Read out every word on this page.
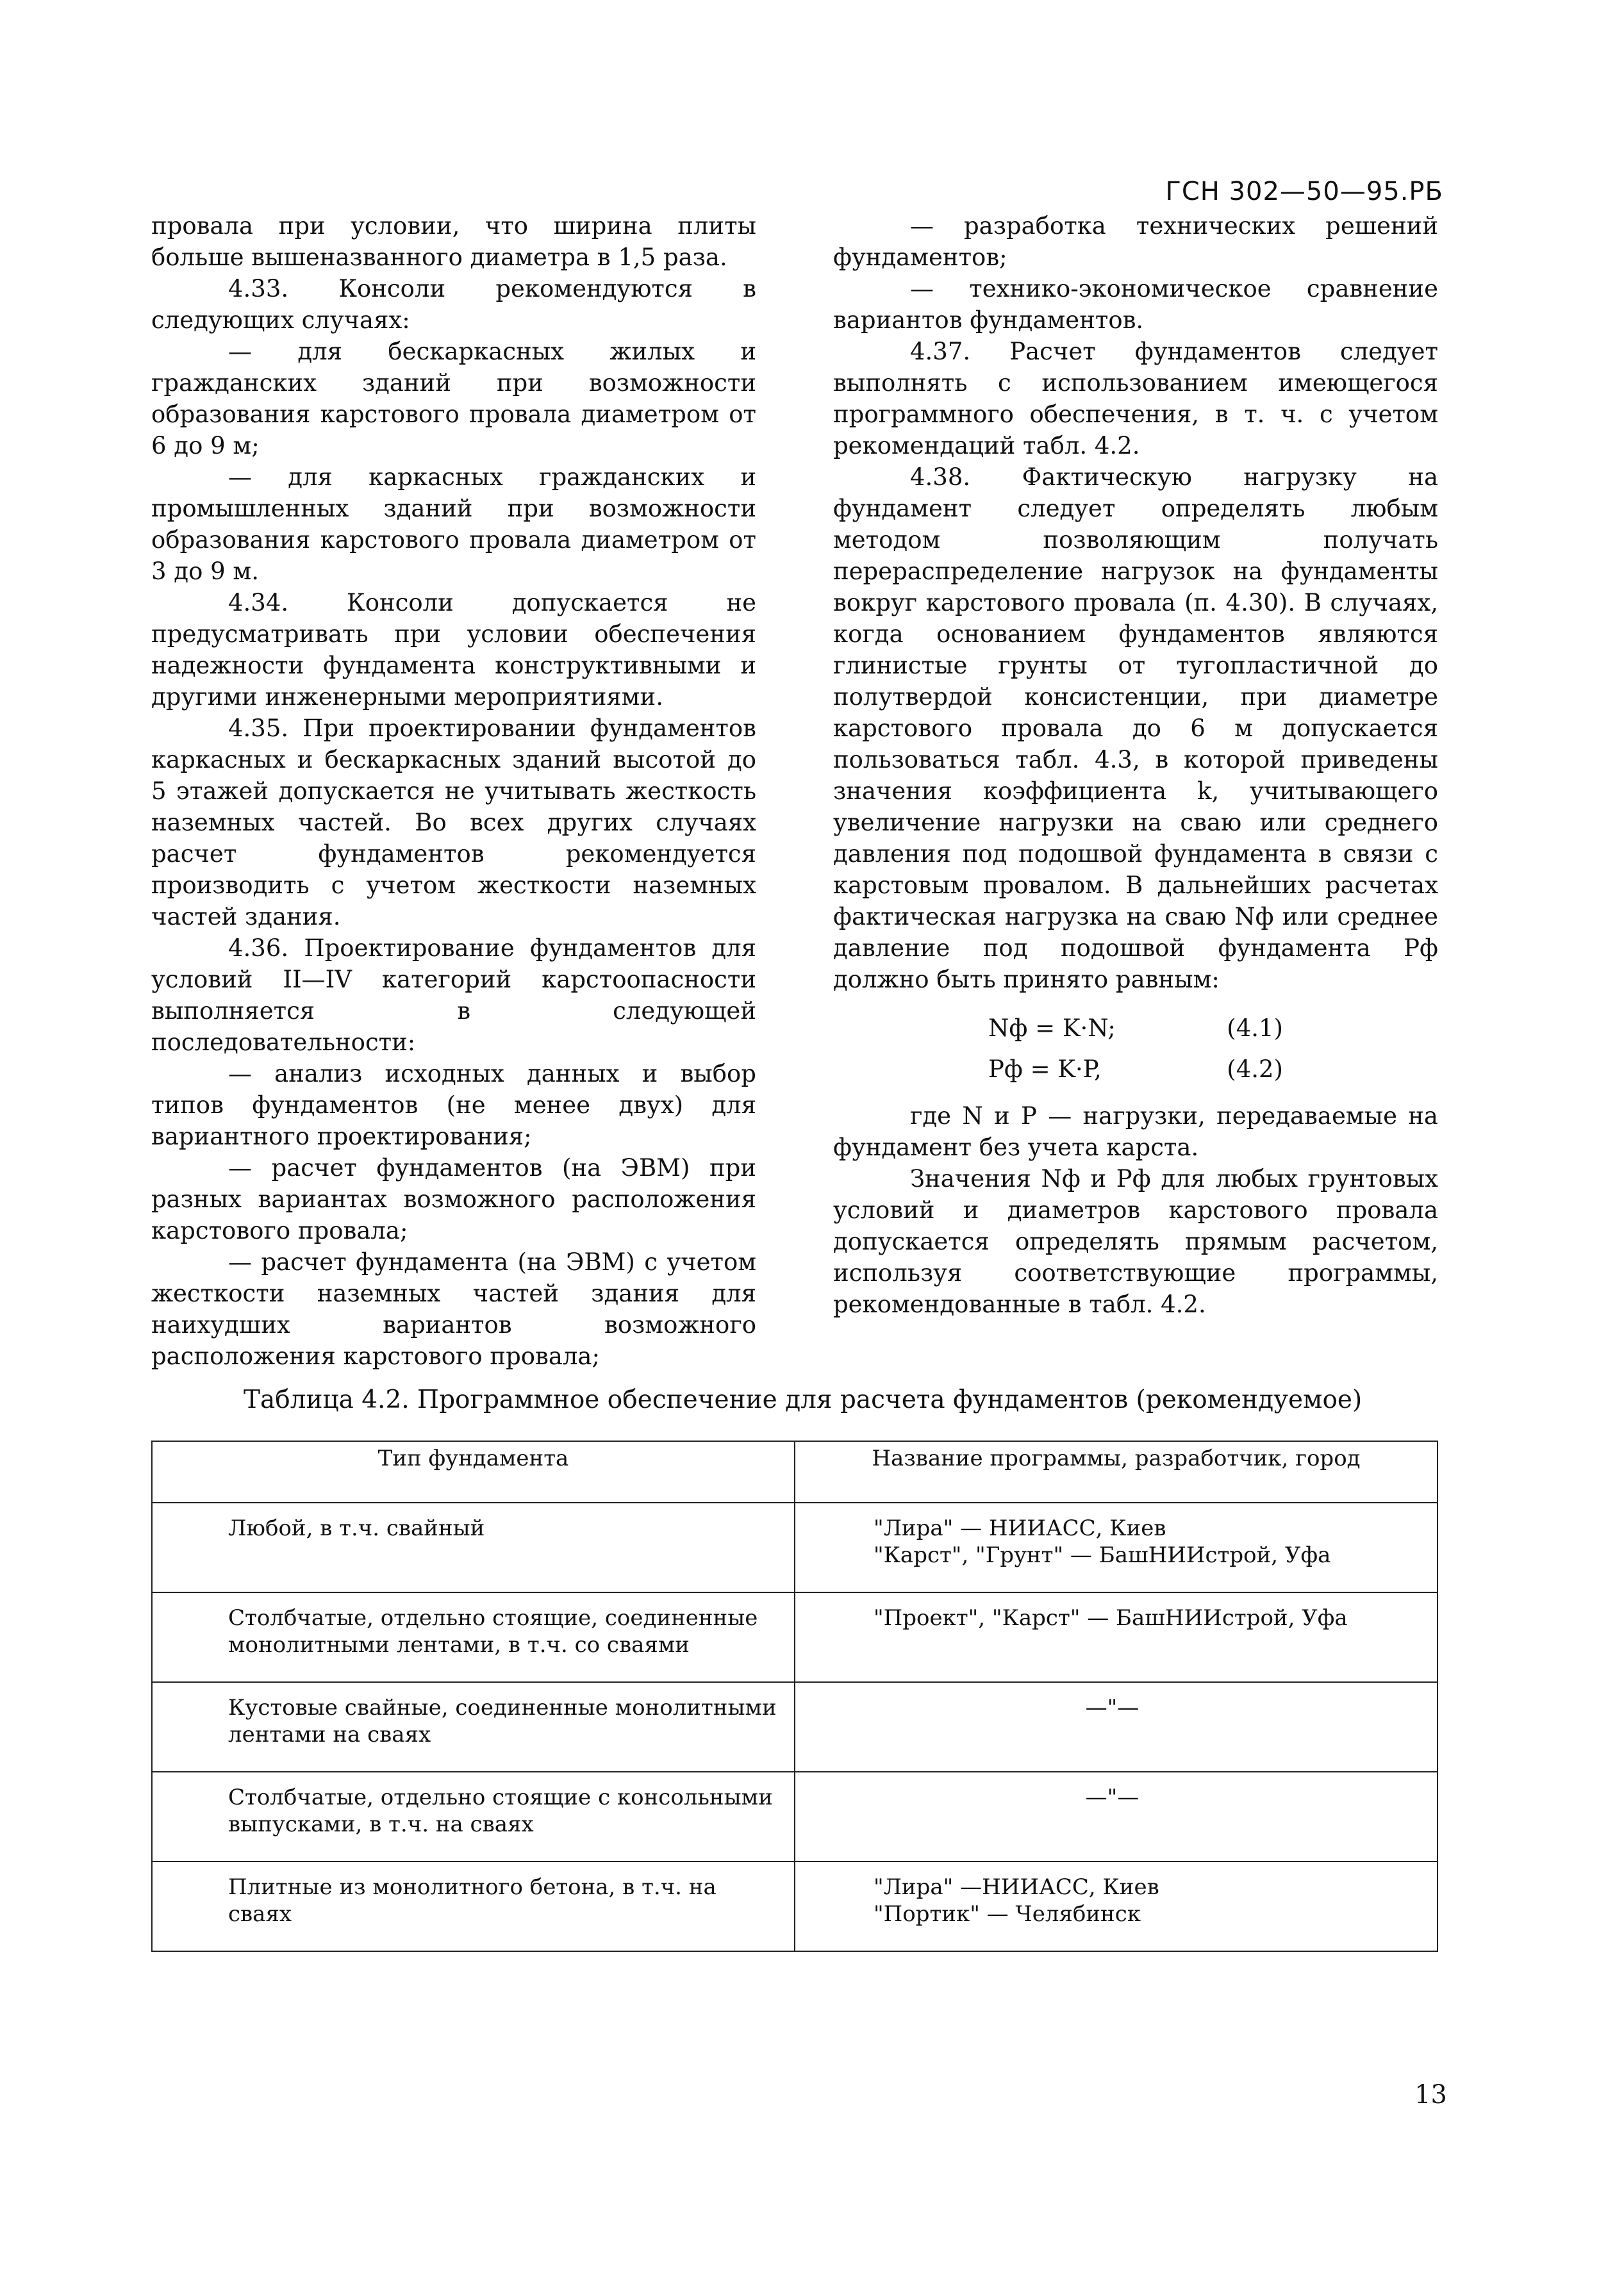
ГСН 302—50—95.РБ

провала при условии, что ширина плиты больше вышеназванного диаметра в 1,5 раза.

4.33. Консоли рекомендуются в следующих случаях:

— для бескаркасных жилых и гражданских зданий при возможности образования карстового провала диаметром от 6 до 9 м;

— для каркасных гражданских и промышленных зданий при возможности образования карстового провала диаметром от 3 до 9 м.

4.34. Консоли допускается не предусматривать при условии обеспечения надежности фундамента конструктивными и другими инженерными мероприятиями.

4.35. При проектировании фундаментов каркасных и бескаркасных зданий высотой до 5 этажей допускается не учитывать жесткость наземных частей. Во всех других случаях расчет фундаментов рекомендуется производить с учетом жесткости наземных частей здания.

4.36. Проектирование фундаментов для условий II—IV категорий карстоопасности выполняется в следующей последовательности:

— анализ исходных данных и выбор типов фундаментов (не менее двух) для вариантного проектирования;

— расчет фундаментов (на ЭВМ) при разных вариантах возможного расположения карстового провала;

— расчет фундамента (на ЭВМ) с учетом жесткости наземных частей здания для наихудших вариантов возможного расположения карстового провала;

— разработка технических решений фундаментов;

— технико-экономическое сравнение вариантов фундаментов.

4.37. Расчет фундаментов следует выполнять с использованием имеющегося программного обеспечения, в т. ч. с учетом рекомендаций табл. 4.2.

4.38. Фактическую нагрузку на фундамент следует определять любым методом позволяющим получать перераспределение нагрузок на фундаменты вокруг карстового провала (п. 4.30). В случаях, когда основанием фундаментов являются глинистые грунты от тугопластичной до полутвердой консистенции, при диаметре карстового провала до 6 м допускается пользоваться табл. 4.3, в которой приведены значения коэффициента k, учитывающего увеличение нагрузки на сваю или среднего давления под подошвой фундамента в связи с карстовым провалом. В дальнейших расчетах фактическая нагрузка на сваю Nф или среднее давление под подошвой фундамента Pф должно быть принято равным:

Nф = K·N;	(4.1)
Pф = K·P,	(4.2)

где N и P — нагрузки, передаваемые на фундамент без учета карста.

Значения Nф и Pф для любых грунтовых условий и диаметров карстового провала допускается определять прямым расчетом, используя соответствующие программы, рекомендованные в табл. 4.2.

Таблица 4.2. Программное обеспечение для расчета фундаментов (рекомендуемое)
Тип фундамента	Название программы, разработчик, город
Любой, в т.ч. свайный	"Лира" — НИИАСС, Киев
"Карст", "Грунт" — БашНИИстрой, Уфа
Столбчатые, отдельно стоящие, соединенные монолитными лентами, в т.ч. со сваями	"Проект", "Карст" — БашНИИстрой, Уфа
Кустовые свайные, соединенные монолитными лентами на сваях	—"—
Столбчатые, отдельно стоящие с консольными выпусками, в т.ч. на сваях	—"—
Плитные из монолитного бетона, в т.ч. на сваях	"Лира" —НИИАСС, Киев
"Портик" — Челябинск
13
